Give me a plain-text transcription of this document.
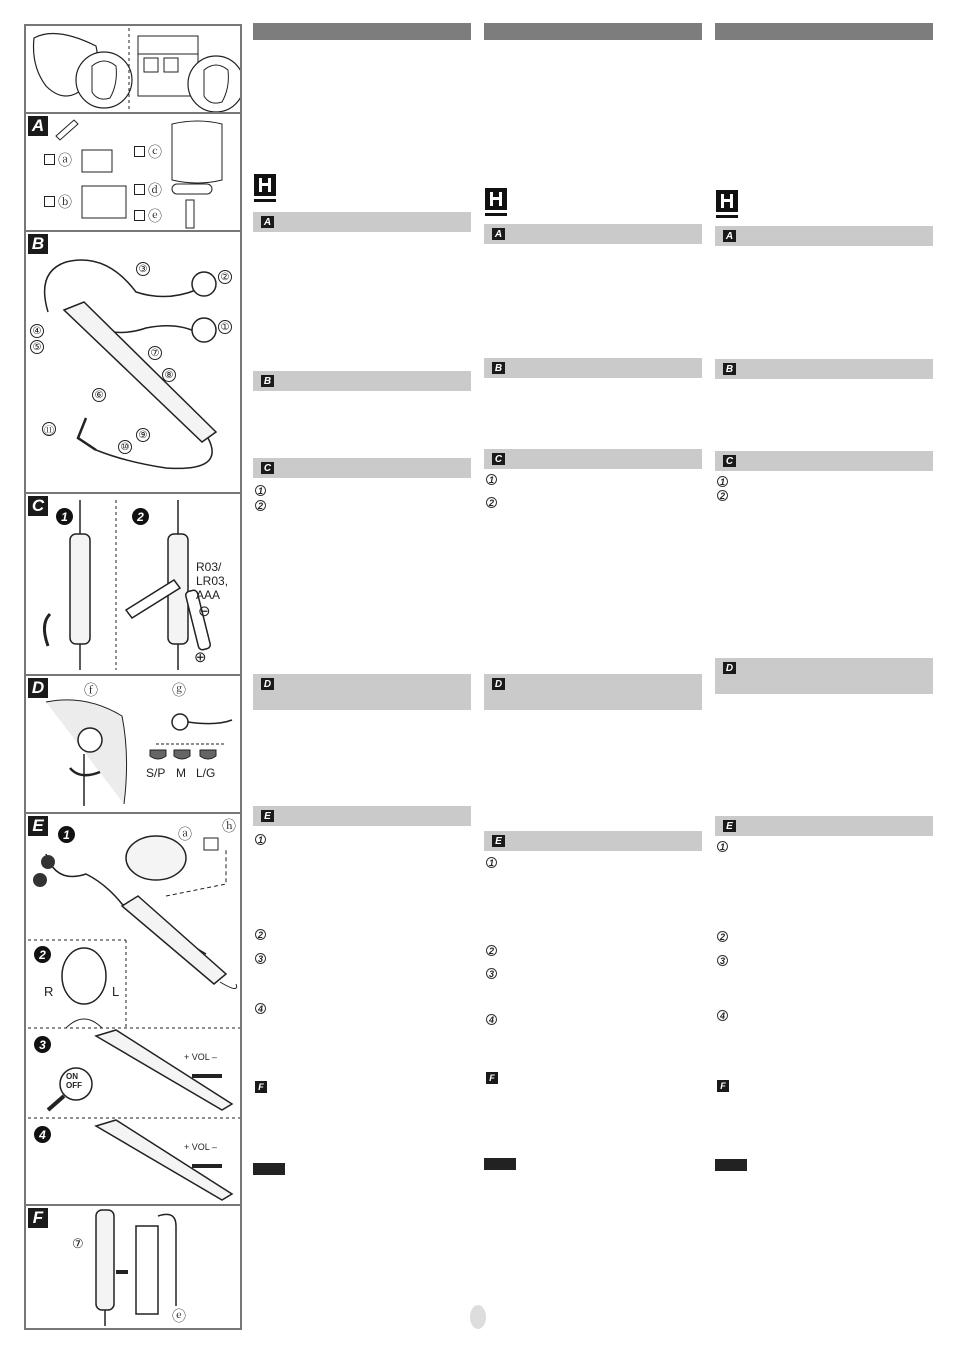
A
ⓐ
ⓑ
ⓒ
ⓓ
ⓔ
B
②
③
①
④
⑤
⑦
⑥
⑧
⑨
⑪
⑩
C
1	2
R03/
LR03,
AAA
⊖
⊕
D	ⓕ	ⓖ
S/P M L/G
E	1	ⓐ ⓗ
2
R	L
3
+ VOL –
ON
OFF
4
+ VOL –
F
⑦
ⓔ
A
B
C
D
E
1
2
1
2
3
4
F
A
B
C
D
E
1
2
1
2
3
4
F
A
B
C
D
E
1
2
1
2
3
4
F
